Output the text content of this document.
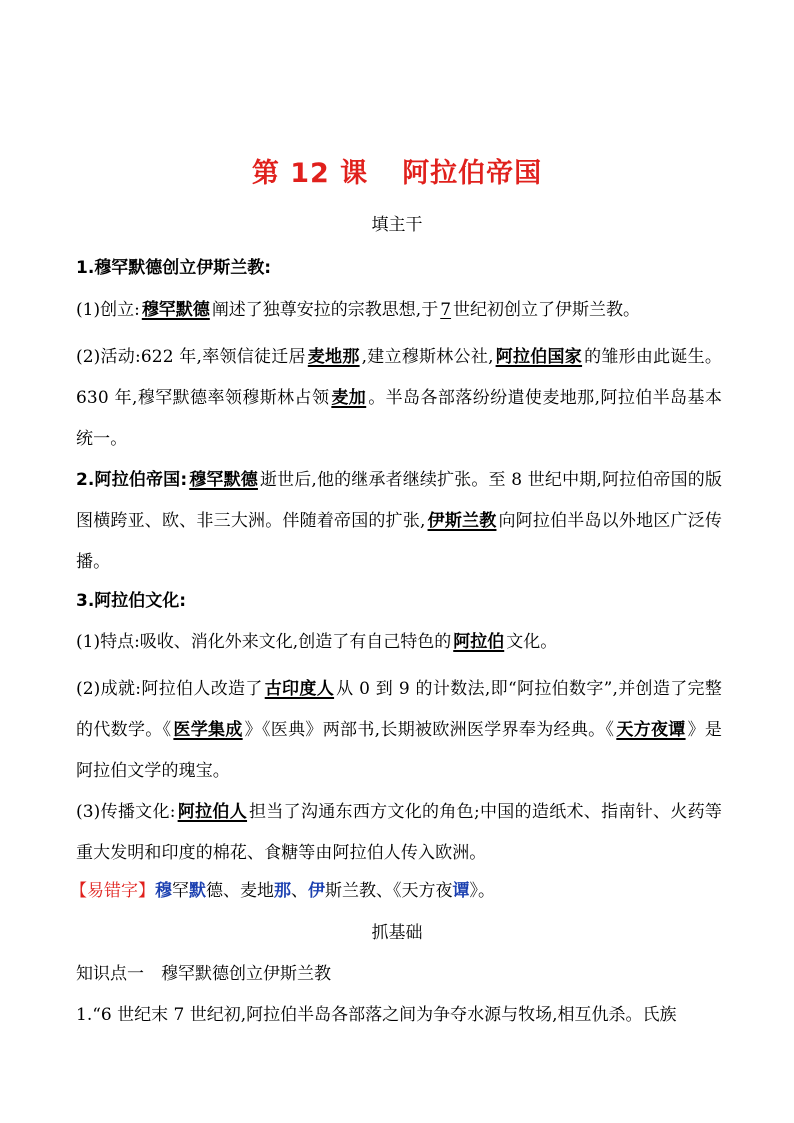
第 12 课 阿拉伯帝国
填主干
1.穆罕默德创立伊斯兰教:
(1)创立: 穆罕默德 阐述了独尊安拉的宗教思想,于 7 世纪初创立了伊斯兰教。
(2)活动:622 年,率领信徒迁居 麦地那 ,建立穆斯林公社, 阿拉伯国家 的雏形由此诞生。630 年,穆罕默德率领穆斯林占领 麦加 。半岛各部落纷纷遣使麦地那,阿拉伯半岛基本统一。
2.阿拉伯帝国: 穆罕默德 逝世后,他的继承者继续扩张。至 8 世纪中期,阿拉伯帝国的版图横跨亚、欧、非三大洲。伴随着帝国的扩张, 伊斯兰教 向阿拉伯半岛以外地区广泛传播。
3.阿拉伯文化:
(1)特点:吸收、消化外来文化,创造了有自己特色的 阿拉伯 文化。
(2)成就:阿拉伯人改造了 古印度人 从 0 到 9 的计数法,即“阿拉伯数字”,并创造了完整的代数学。《 医学集成 》《医典》两部书,长期被欧洲医学界奉为经典。《 天方夜谭 》是阿拉伯文学的瑰宝。
(3)传播文化: 阿拉伯人 担当了沟通东西方文化的角色;中国的造纸术、指南针、火药等重大发明和印度的棉花、食糖等由阿拉伯人传入欧洲。
【易错字】穆罕默德、麦地那、伊斯兰教、《天方夜谭》。
抓基础
知识点一　穆罕默德创立伊斯兰教
1.“6 世纪末 7 世纪初,阿拉伯半岛各部落之间为争夺水源与牧场,相互仇杀。氏族
